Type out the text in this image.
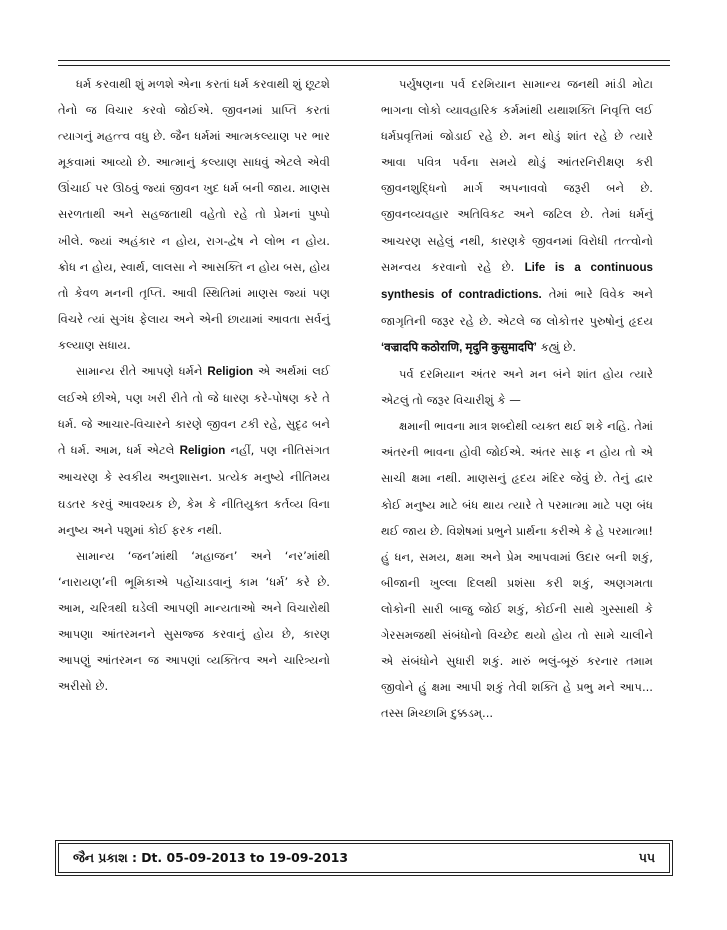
ધર્મ કરવાથી શું મળશે એના કરતાં ધર્મ કરવાથી શું છૂટશે તેનો જ વિચાર કરવો જોઈએ. જીવનમાં પ્રાપ્તિ કરતાં ત્યાગનું મહત્ત્વ વધુ છે. જૈન ધર્મમાં આત્મકલ્યાણ પર ભાર મૂકવામાં આવ્યો છે. આત્માનું કલ્યાણ સાધવું એટલે એવી ઊંચાઈ પર ઊઠવું જ્યાં જીવન ખુદ ધર્મ બની જાય. માણસ સરળતાથી અને સહજતાથી વહેતો રહે તો પ્રેમનાં પુષ્પો ખીલે. જ્યાં અહંકાર ન હોય, રાગ-દ્વેષ ને લોભ ન હોય. ક્રોધ ન હોય, સ્વાર્થ, લાલસા ને આસક્તિ ન હોય બસ, હોય તો કેવળ મનની તૃપ્તિ. આવી સ્થિતિમાં માણસ જ્યાં પણ વિચરે ત્યાં સુગંધ ફેલાય અને એની છાયામાં આવતા સર્વનું કલ્યાણ સધાય.

સામાન્ય રીતે આપણે ધર્મને Religion એ અર્થમાં લઈ લઈએ છીએ, પણ ખરી રીતે તો જે ધારણ કરે-પોષણ કરે તે ધર્મ. જે આચાર-વિચારને કારણે જીવન ટકી રહે, સુદૃઢ બને તે ધર્મ. આમ, ધર્મ એટલે Religion નહીં, પણ નીતિસંગત આચરણ કે સ્વકીય અનુશાસન. પ્રત્યેક મનુષ્યે નીતિમય ઘડતર કરવું આવશ્યક છે, કેમ કે નીતિયુક્ત કર્તવ્ય વિના મનુષ્ય અને પશુમાં કોઈ ફરક નથી.

સામાન્ય ‘જન’માંથી ‘મહાજન’ અને ‘નર’માંથી ‘નારાયણ’ની ભૂમિકાએ પહોંચાડવાનું કામ ‘ધર્મ’ કરે છે. આમ, ચરિત્રથી ઘડેલી આપણી માન્યતાઓ અને વિચારોથી આપણા આંતરમનને સુસજ્જ કરવાનું હોય છે, કારણ આપણું આંતરમન જ આપણાં વ્યક્તિત્વ અને ચારિત્ર્યનો અરીસો છે.

પર્યુષણના પર્વ દરમિયાન સામાન્ય જનથી માંડી મોટા ભાગના લોકો વ્યાવહારિક કર્મમાંથી યથાશક્તિ નિવૃત્તિ લઈ ધર્મપ્રવૃત્તિમાં જોડાઈ રહે છે. મન થોડું શાંત રહે છે ત્યારે આવા પવિત્ર પર્વના સમયે થોડું આંતરનિરીક્ષણ કરી જીવનશુદ્ધિનો માર્ગ અપનાવવો જરૂરી બને છે. જીવનવ્યવહાર અતિવિકટ અને જટિલ છે. તેમાં ધર્મનું આચરણ સહેલું નથી, કારણકે જીવનમાં વિરોધી તત્ત્વોનો સમન્વય કરવાનો રહે છે. Life is a continuous synthesis of contradictions. તેમાં ભારે વિવેક અને જાગૃતિની જરૂર રહે છે. એટલે જ લોકોત્તર પુરુષોનું હૃદય ‘वज्रादपि कठोराणि, मृदुनि कुसुमादपि’ કહ્યું છે.

પર્વ દરમિયાન અંતર અને મન બંને શાંત હોય ત્યારે એટલું તો જરૂર વિચારીશું કે —

ક્ષમાની ભાવના માત્ર શબ્દોથી વ્યક્ત થઈ શકે નહિ. તેમાં અંતરની ભાવના હોવી જોઈએ. અંતર સાફ ન હોય તો એ સાચી ક્ષમા નથી. માણસનું હૃદય મંદિર જેવું છે. તેનું દ્વાર કોઈ મનુષ્ય માટે બંધ થાય ત્યારે તે પરમાત્મા માટે પણ બંધ થઈ જાય છે. વિશેષમાં પ્રભુને પ્રાર્થના કરીએ કે હે પરમાત્મા! હું ધન, સમય, ક્ષમા અને પ્રેમ આપવામાં ઉદાર બની શકું, બીજાની ખુલ્લા દિલથી પ્રશંસા કરી શકું, અણગમતા લોકોની સારી બાજુ જોઈ શકું, કોઈની સાથે ગુસ્સાથી કે ગેરસમજથી સંબંધોનો વિચ્છેદ થયો હોય તો સામે ચાલીને એ સંબંધોને સુધારી શકું. મારું ભલું-બૂરું કરનાર તમામ જીવોને હું ક્ષમા આપી શકું તેવી શક્તિ હે પ્રભુ મને આપ... તસ્સ મિચ્છામિ દુક્કડમ્...

જૈન પ્રકાશ : Dt. 05-09-2013 to 19-09-2013	૫૫
